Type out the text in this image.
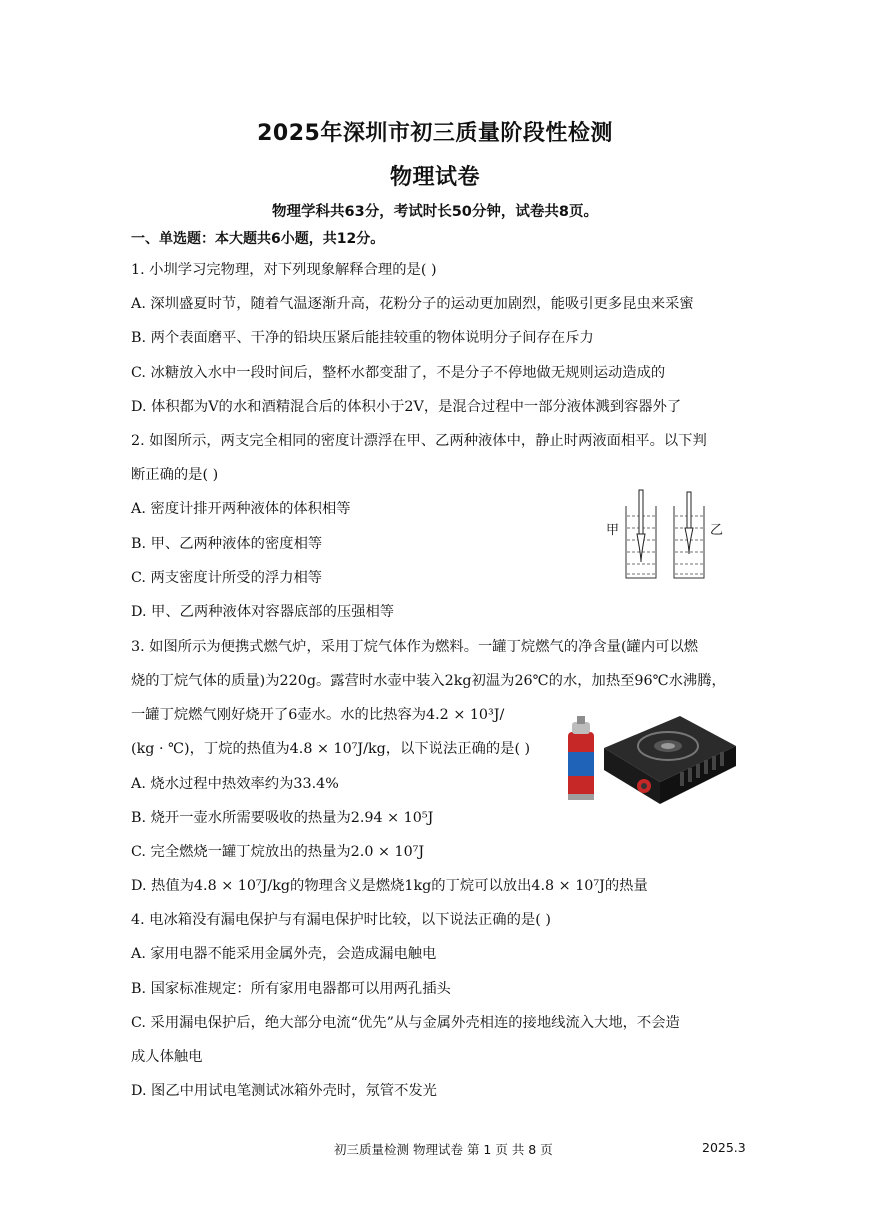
2025年深圳市初三质量阶段性检测
物理试卷
物理学科共63分，考试时长50分钟，试卷共8页。
一、单选题：本大题共6小题，共12分。
1. 小圳学习完物理，对下列现象解释合理的是( )
A. 深圳盛夏时节，随着气温逐渐升高，花粉分子的运动更加剧烈，能吸引更多昆虫来采蜜
B. 两个表面磨平、干净的铅块压紧后能挂较重的物体说明分子间存在斥力
C. 冰糖放入水中一段时间后，整杯水都变甜了，不是分子不停地做无规则运动造成的
D. 体积都为V的水和酒精混合后的体积小于2V，是混合过程中一部分液体溅到容器外了
2. 如图所示，两支完全相同的密度计漂浮在甲、乙两种液体中，静止时两液面相平。以下判
断正确的是( )
A. 密度计排开两种液体的体积相等
B. 甲、乙两种液体的密度相等
C. 两支密度计所受的浮力相等
D. 甲、乙两种液体对容器底部的压强相等
甲	乙
3. 如图所示为便携式燃气炉，采用丁烷气体作为燃料。一罐丁烷燃气的净含量(罐内可以燃
烧的丁烷气体的质量)为220g。露营时水壶中装入2kg初温为26℃的水，加热至96℃水沸腾，
一罐丁烷燃气刚好烧开了6壶水。水的比热容为4.2 × 10³J/
(kg · ℃)，丁烷的热值为4.8 × 10⁷J/kg，以下说法正确的是( )
A. 烧水过程中热效率约为33.4%
B. 烧开一壶水所需要吸收的热量为2.94 × 10⁵J
C. 完全燃烧一罐丁烷放出的热量为2.0 × 10⁷J
D. 热值为4.8 × 10⁷J/kg的物理含义是燃烧1kg的丁烷可以放出4.8 × 10⁷J的热量
4. 电冰箱没有漏电保护与有漏电保护时比较，以下说法正确的是( )
A. 家用电器不能采用金属外壳，会造成漏电触电
B. 国家标准规定：所有家用电器都可以用两孔插头
C. 采用漏电保护后，绝大部分电流“优先”从与金属外壳相连的接地线流入大地，不会造
成人体触电
D. 图乙中用试电笔测试冰箱外壳时，氖管不发光
初三质量检测 物理试卷 第 1 页 共 8 页	2025.3
